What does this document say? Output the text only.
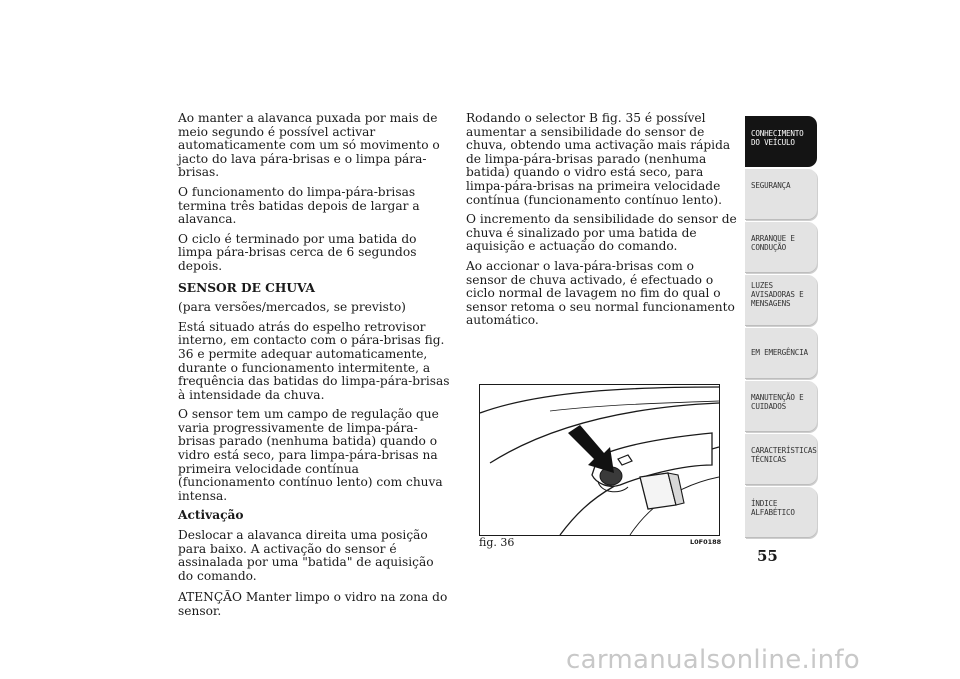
Ao manter a alavanca puxada por mais de meio segundo é possível activar automaticamente com um só movimento o jacto do lava pára-brisas e o limpa pára-brisas.

O funcionamento do limpa-pára-brisas termina três batidas depois de largar a alavanca.

O ciclo é terminado por uma batida do limpa pára-brisas cerca de 6 segundos depois.

SENSOR DE CHUVA

(para versões/mercados, se previsto)

Está situado atrás do espelho retrovisor interno, em contacto com o pára-brisas fig. 36 e permite adequar automaticamente, durante o funcionamento intermitente, a frequência das batidas do limpa-pára-brisas à intensidade da chuva.

O sensor tem um campo de regulação que varia progressivamente de limpa-pára-brisas parado (nenhuma batida) quando o vidro está seco, para limpa-pára-brisas na primeira velocidade contínua (funcionamento contínuo lento) com chuva intensa.

Activação

Deslocar a alavanca direita uma posição para baixo. A activação do sensor é assinalada por uma "batida" de aquisição do comando.

ATENÇÃO Manter limpo o vidro na zona do sensor.

Rodando o selector B fig. 35 é possível aumentar a sensibilidade do sensor de chuva, obtendo uma activação mais rápida de limpa-pára-brisas parado (nenhuma batida) quando o vidro está seco, para limpa-pára-brisas na primeira velocidade contínua (funcionamento contínuo lento).

O incremento da sensibilidade do sensor de chuva é sinalizado por uma batida de aquisição e actuação do comando.

Ao accionar o lava-pára-brisas com o sensor de chuva activado, é efectuado o ciclo normal de lavagem no fim do qual o sensor retoma o seu normal funcionamento automático.

fig. 36	L0F0188
CONHECIMENTO
DO VEÍCULO
SEGURANÇA
ARRANQUE E
CONDUÇÃO
LUZES
AVISADORAS E
MENSAGENS
EM EMERGÊNCIA
MANUTENÇÃO E
CUIDADOS
CARACTERÍSTICAS
TÉCNICAS
ÍNDICE
ALFABÉTICO
55
carmanualsonline.info
